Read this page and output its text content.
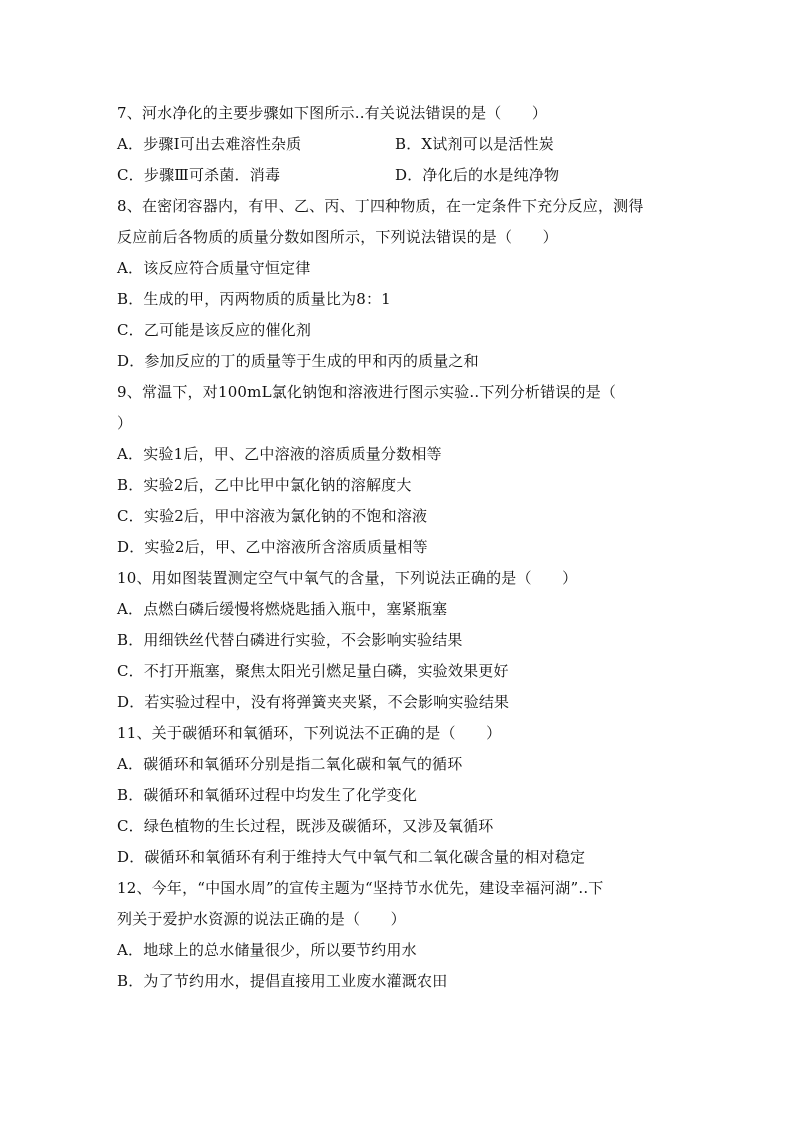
7、河水净化的主要步骤如下图所示..有关说法错误的是（　　）
A．步骤Ⅰ可出去难溶性杂质	B．X试剂可以是活性炭
C．步骤Ⅲ可杀菌．消毒	D．净化后的水是纯净物
8、在密闭容器内，有甲、乙、丙、丁四种物质，在一定条件下充分反应，测得
反应前后各物质的质量分数如图所示，下列说法错误的是（　　）
A．该反应符合质量守恒定律
B．生成的甲，丙两物质的质量比为8：1
C．乙可能是该反应的催化剂
D．参加反应的丁的质量等于生成的甲和丙的质量之和
9、常温下，对100mL氯化钠饱和溶液进行图示实验..下列分析错误的是（
）
A．实验1后，甲、乙中溶液的溶质质量分数相等
B．实验2后，乙中比甲中氯化钠的溶解度大
C．实验2后，甲中溶液为氯化钠的不饱和溶液
D．实验2后，甲、乙中溶液所含溶质质量相等
10、用如图装置测定空气中氧气的含量，下列说法正确的是（　　）
A．点燃白磷后缓慢将燃烧匙插入瓶中，塞紧瓶塞
B．用细铁丝代替白磷进行实验，不会影响实验结果
C．不打开瓶塞，聚焦太阳光引燃足量白磷，实验效果更好
D．若实验过程中，没有将弹簧夹夹紧，不会影响实验结果
11、关于碳循环和氧循环，下列说法不正确的是（　　）
A．碳循环和氧循环分别是指二氧化碳和氧气的循环
B．碳循环和氧循环过程中均发生了化学变化
C．绿色植物的生长过程，既涉及碳循环，又涉及氧循环
D．碳循环和氧循环有利于维持大气中氧气和二氧化碳含量的相对稳定
12、今年，“中国水周”的宣传主题为“坚持节水优先，建设幸福河湖”..下
列关于爱护水资源的说法正确的是（　　）
A．地球上的总水储量很少，所以要节约用水
B．为了节约用水，提倡直接用工业废水灌溉农田
